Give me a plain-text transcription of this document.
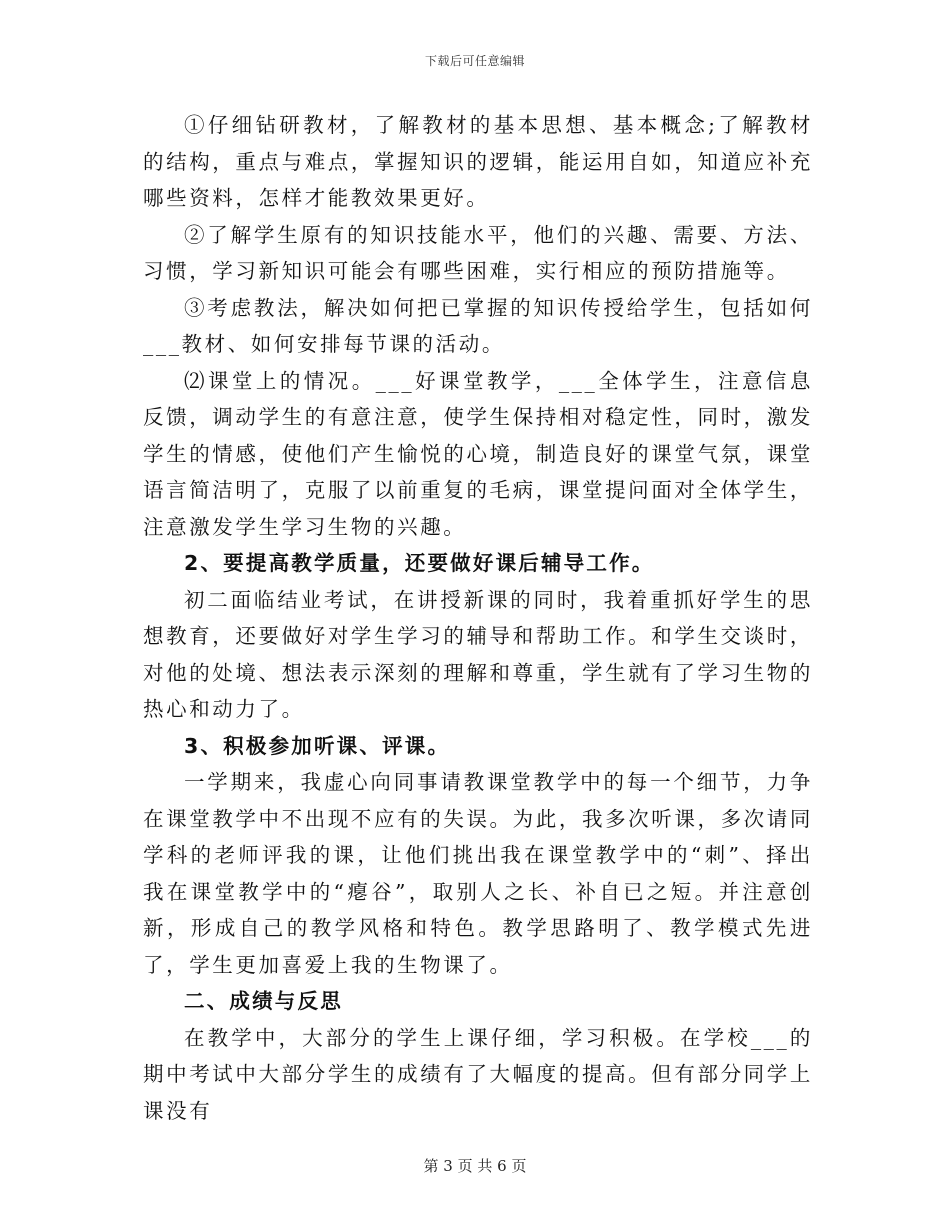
下载后可任意编辑

①仔细钻研教材，了解教材的基本思想、基本概念;了解教材的结构，重点与难点，掌握知识的逻辑，能运用自如，知道应补充哪些资料，怎样才能教效果更好。

②了解学生原有的知识技能水平，他们的兴趣、需要、方法、习惯，学习新知识可能会有哪些困难，实行相应的预防措施等。

③考虑教法，解决如何把已掌握的知识传授给学生，包括如何___教材、如何安排每节课的活动。

⑵课堂上的情况。___好课堂教学，___全体学生，注意信息反馈，调动学生的有意注意，使学生保持相对稳定性，同时，激发学生的情感，使他们产生愉悦的心境，制造良好的课堂气氛，课堂语言简洁明了，克服了以前重复的毛病，课堂提问面对全体学生，注意激发学生学习生物的兴趣。

2、要提高教学质量，还要做好课后辅导工作。

初二面临结业考试，在讲授新课的同时，我着重抓好学生的思想教育，还要做好对学生学习的辅导和帮助工作。和学生交谈时，对他的处境、想法表示深刻的理解和尊重，学生就有了学习生物的热心和动力了。

3、积极参加听课、评课。

一学期来，我虚心向同事请教课堂教学中的每一个细节，力争在课堂教学中不出现不应有的失误。为此，我多次听课，多次请同学科的老师评我的课，让他们挑出我在课堂教学中的“刺”、择出我在课堂教学中的“瘪谷”，取别人之长、补自已之短。并注意创新，形成自己的教学风格和特色。教学思路明了、教学模式先进了，学生更加喜爱上我的生物课了。

二、成绩与反思

在教学中，大部分的学生上课仔细，学习积极。在学校___的期中考试中大部分学生的成绩有了大幅度的提高。但有部分同学上课没有

第 3 页 共 6 页
